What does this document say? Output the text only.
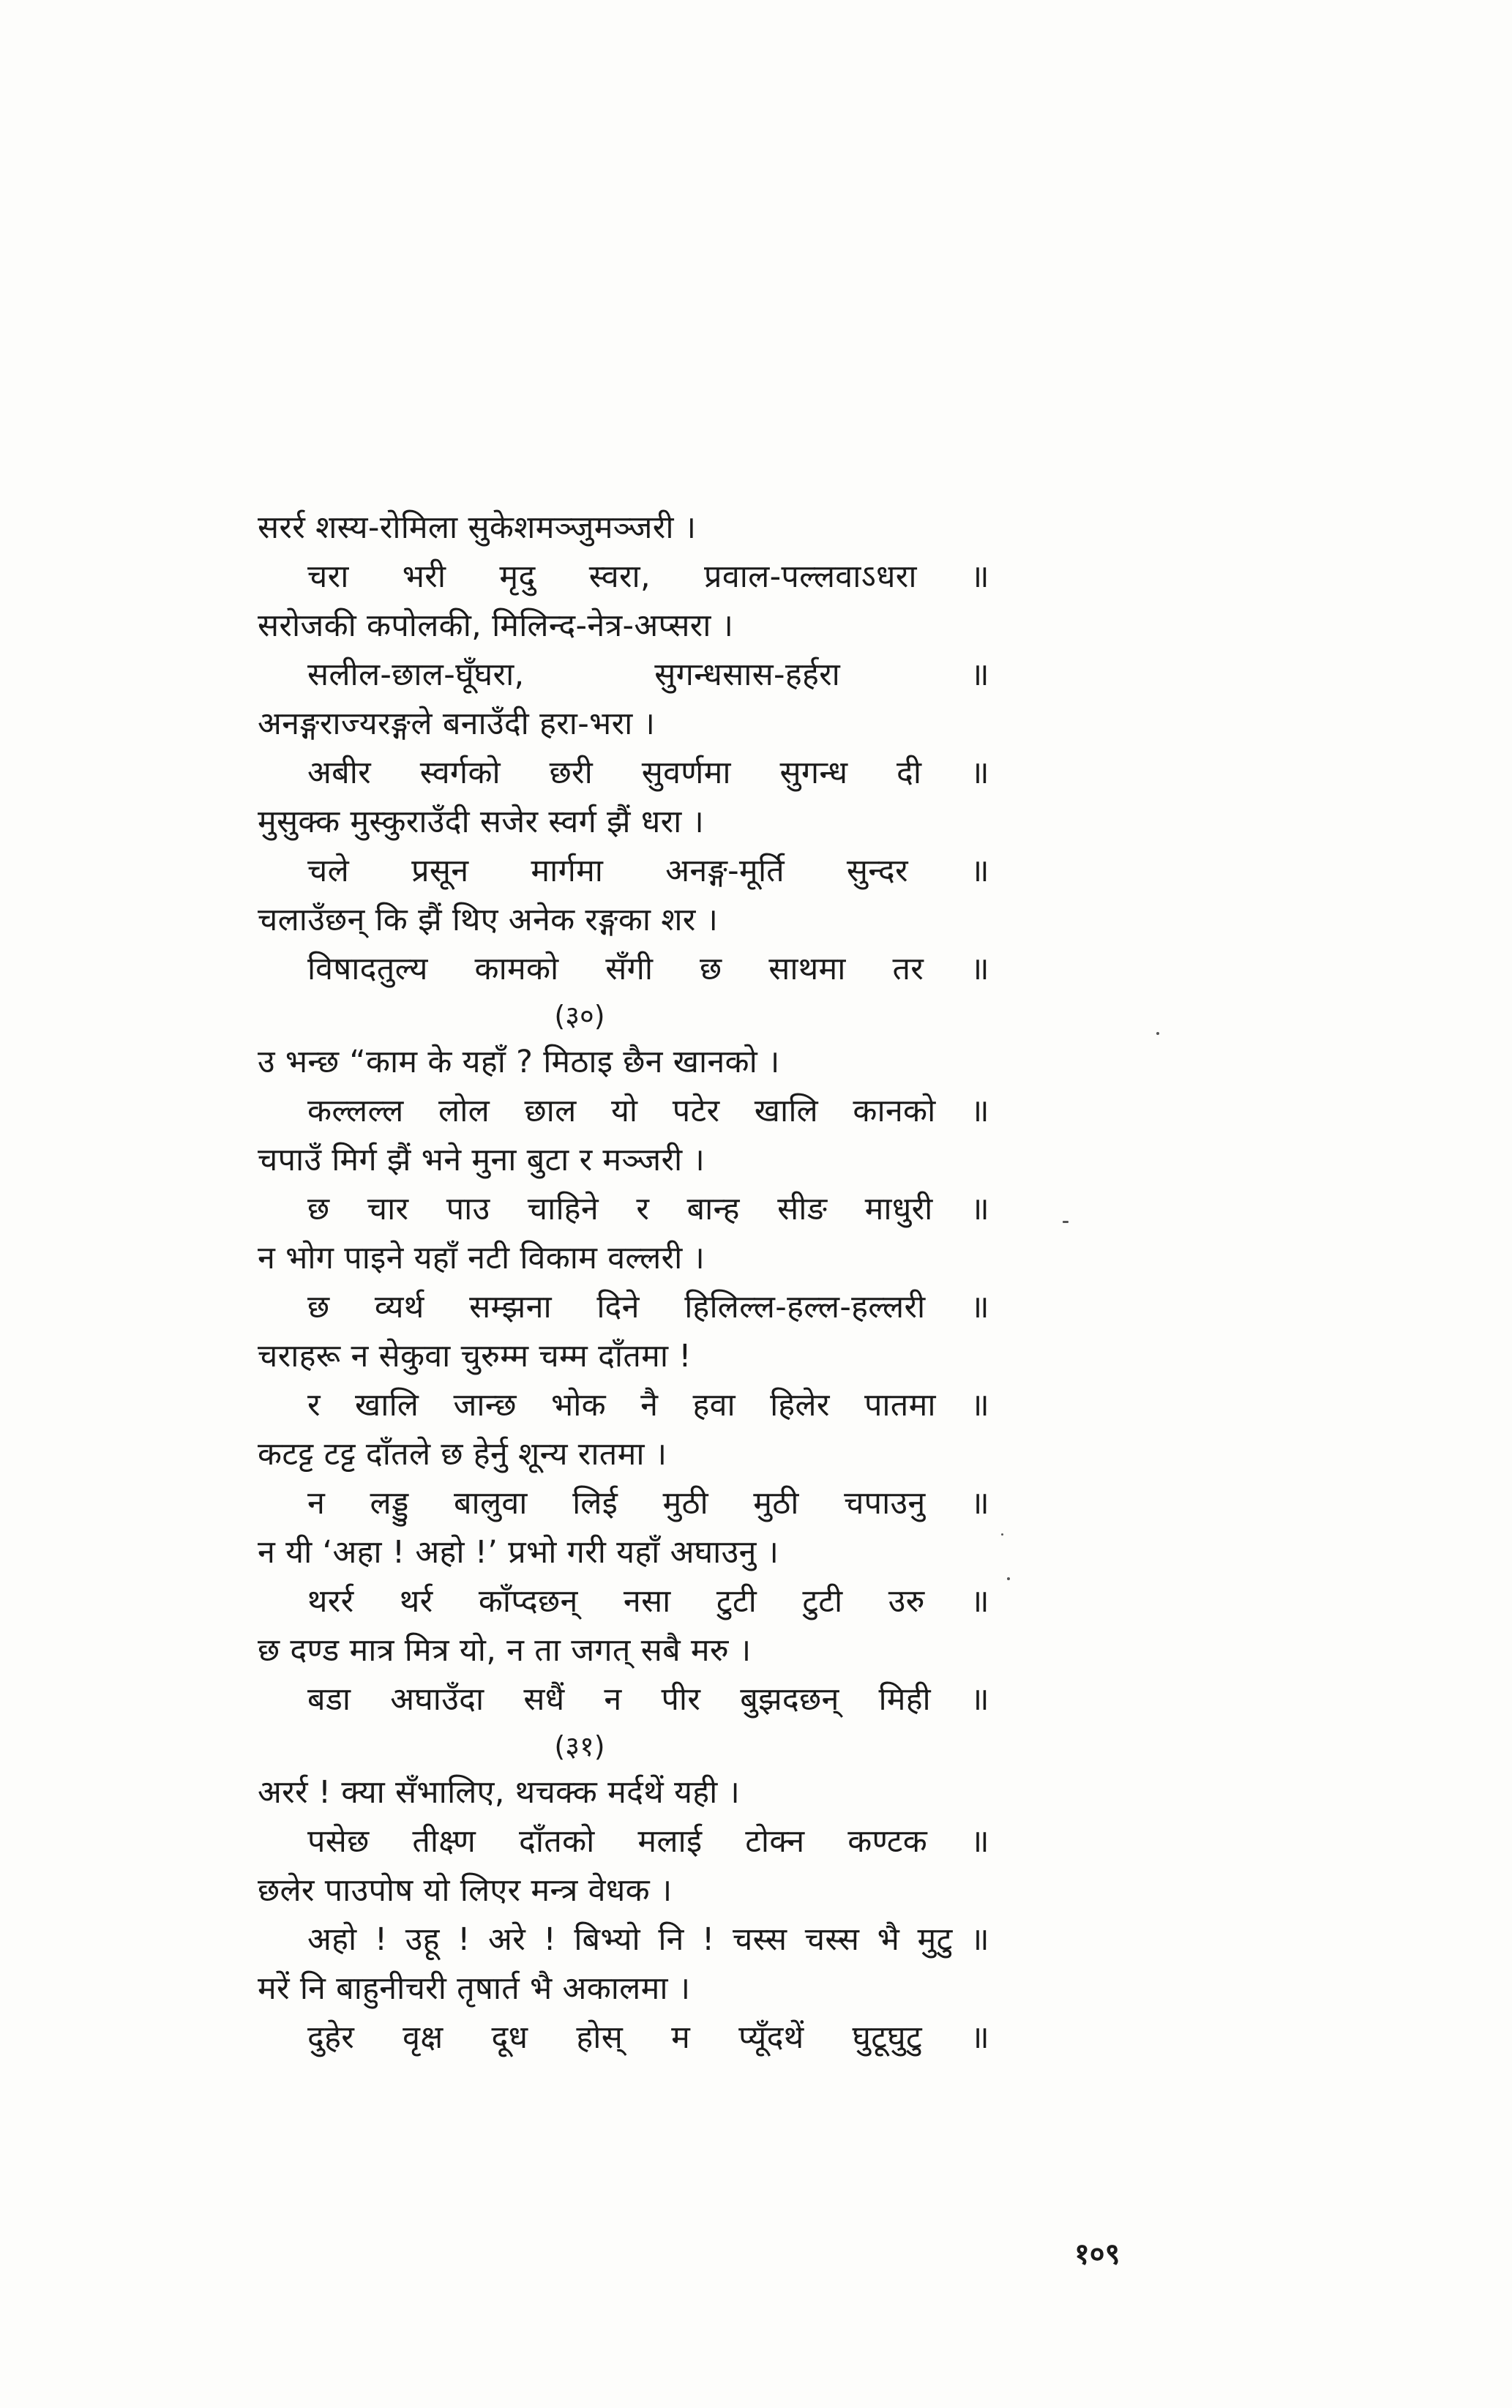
सरर्र शस्य-रोमिला सुकेशमञ्जुमञ्जरी ।
चरा भरी मृदु स्वरा, प्रवाल-पल्लवाऽधरा ॥
सरोजकी कपोलकी, मिलिन्द-नेत्र-अप्सरा ।
सलील-छाल-घूँघरा, सुगन्धसास-हर्हरा ॥
अनङ्गराज्यरङ्गले बनाउँदी हरा-भरा ।
अबीर स्वर्गको छरी सुवर्णमा सुगन्ध दी ॥
मुसुक्क मुस्कुराउँदी सजेर स्वर्ग झैं धरा ।
चले प्रसून मार्गमा अनङ्ग-मूर्ति सुन्दर ॥
चलाउँछन् कि झैं थिए अनेक रङ्गका शर ।
विषादतुल्य कामको सँगी छ साथमा तर ॥
(३०)
उ भन्छ “काम के यहाँ ? मिठाइ छैन खानको ।
कल्लल्ल लोल छाल यो पटेर खालि कानको ॥
चपाउँ मिर्ग झैं भने मुना बुटा र मञ्जरी ।
छ चार पाउ चाहिने र बान्ह सीङ माधुरी ॥
न भोग पाइने यहाँ नटी विकाम वल्लरी ।
छ व्यर्थ सम्झना दिने हिलिल्ल-हल्ल-हल्लरी ॥
चराहरू न सेकुवा चुरुम्म चम्म दाँतमा !
र खालि जान्छ भोक नै हवा हिलेर पातमा ॥
कटट्ट टट्ट दाँतले छ हेर्नु शून्य रातमा ।
न लड्डु बालुवा लिई मुठी मुठी चपाउनु ॥
न यी ‘अहा ! अहो !’ प्रभो गरी यहाँ अघाउनु ।
थरर्र थर्र काँप्दछन् नसा टुटी टुटी उरु ॥
छ दण्ड मात्र मित्र यो, न ता जगत् सबै मरु ।
बडा अघाउँदा सधैं न पीर बुझदछन् मिही ॥
(३१)
अरर्र ! क्या सँभालिए, थचक्क मर्दथें यही ।
पसेछ तीक्ष्ण दाँतको मलाई टोक्न कण्टक ॥
छलेर पाउपोष यो लिएर मन्त्र वेधक ।
अहो ! उहू ! अरे ! बिभ्यो नि ! चस्स चस्स भै मुटु ॥
मरें नि बाहुनीचरी तृषार्त भै अकालमा ।
दुहेर वृक्ष दूध होस् म प्यूँदथें घुटूघुटु ॥
१०९
